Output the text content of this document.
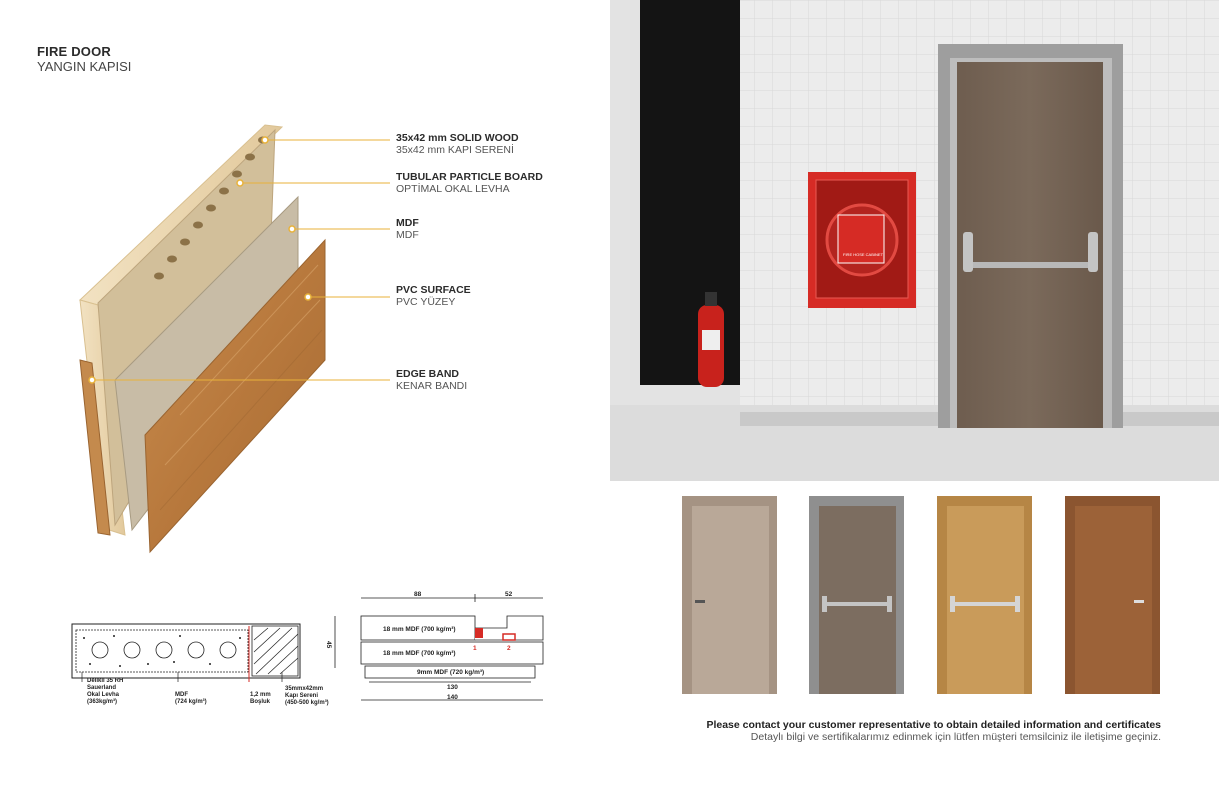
FIRE DOOR
YANGIN KAPISI
35x42 mm SOLID WOOD
35x42 mm KAPI SERENİ
TUBULAR PARTICLE BOARD
OPTİMAL OKAL LEVHA
MDF
MDF
PVC SURFACE
PVC YÜZEY
EDGE BAND
KENAR BANDI
Delikli 35 RH
Sauerland
Okal Levha
(363kg/m³)
MDF
(724 kg/m³)
1,2 mm
Boşluk
35mmx42mm
Kapı Sereni
(450-500 kg/m³)
88	52
45
18 mm MDF (700 kg/m³)
18 mm MDF (700 kg/m³)
9mm MDF (720 kg/m³)
130
140
1	2
FIRE HOSE CABINET
Please contact your customer representative to obtain detailed information and certificates
Detaylı bilgi ve sertifikalarımız edinmek için lütfen müşteri temsilciniz ile iletişime geçiniz.
